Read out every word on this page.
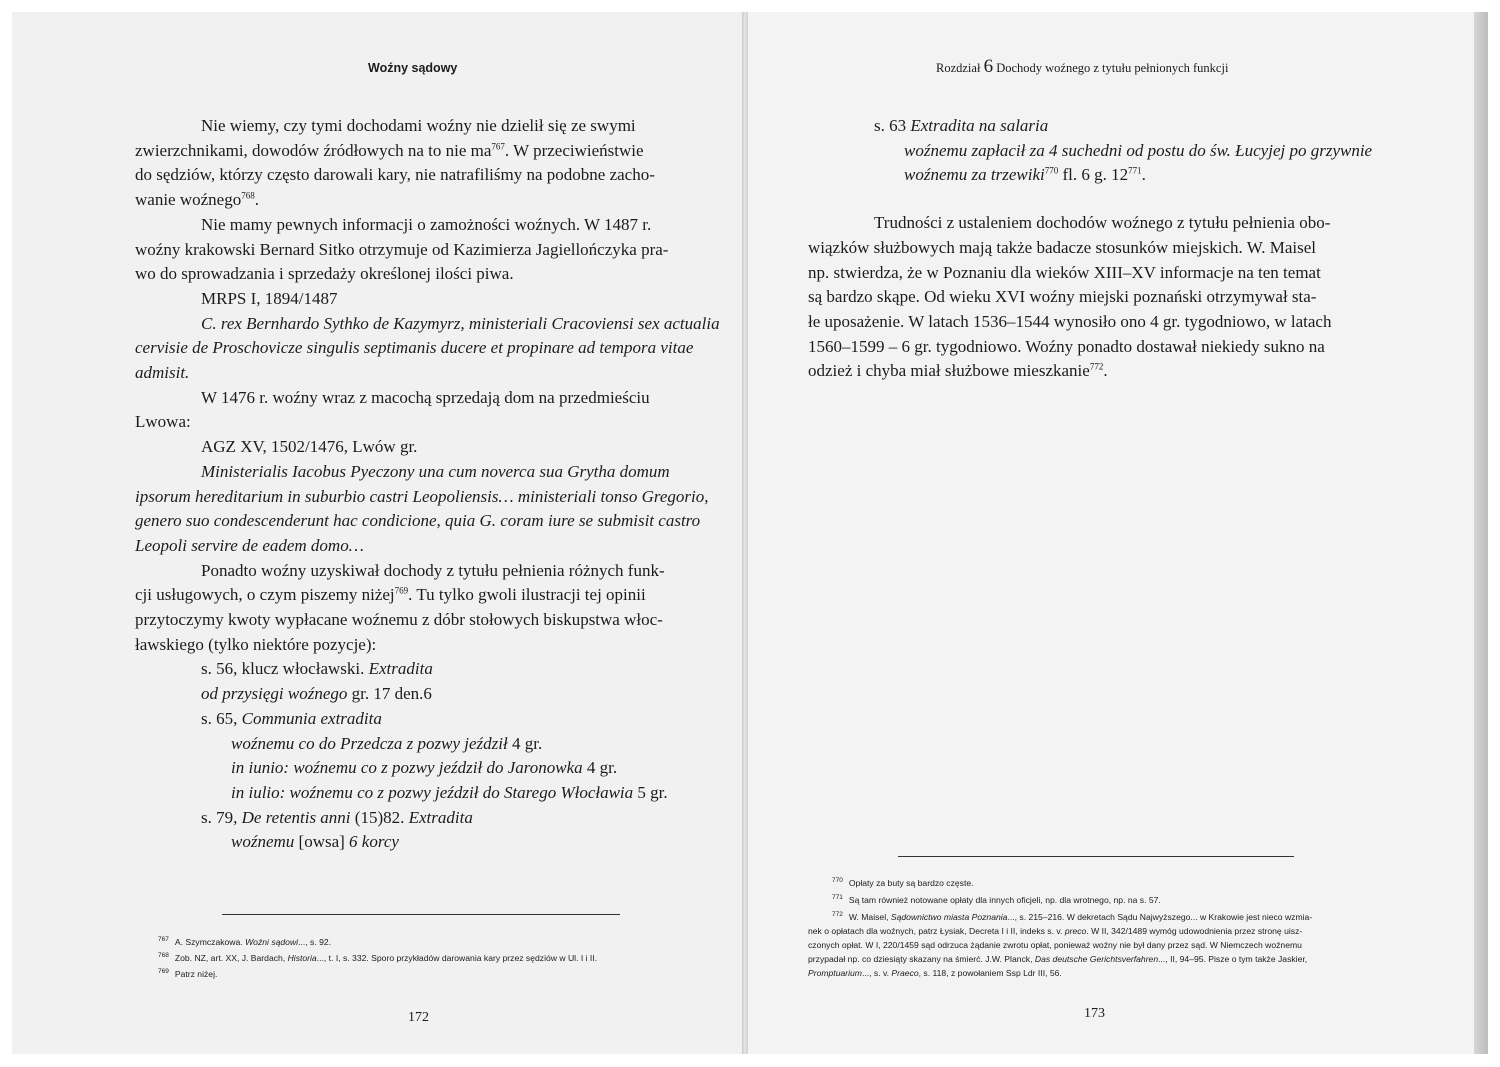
Woźny sądowy
Nie wiemy, czy tymi dochodami woźny nie dzielił się ze swymi
zwierzchnikami, dowodów źródłowych na to nie $ma^{767}$. W przeciwieństwie
do sędziów, którzy często darowali kary, nie natrafiliśmy na podobne zacho-
wanie woźnego$^{768}$.
Nie mamy pewnych informacji o zamożności woźnych. W 1487 r.
woźny krakowski Bernard Sitko otrzymuje od Kazimierza Jagiellończyka pra-
wo do sprowadzania i sprzedaży określonej ilości piwa.
MRPS I, 1894/1487
C. rex Bernhardo Sythko de Kazymyrz, ministeriali Cracoviensi sex actualia
cervisie de Proschovicze singulis septimanis ducere et propinare ad tempora vitae
admisit.
W 1476 r. woźny wraz z macochą sprzedają dom na przedmieściu
Lwowa:
AGZ XV, 1502/1476, Lwów gr.
Ministerialis Iacobus Pyeczony una cum noverca sua Grytha domum
ipsorum hereditarium in suburbio castri Leopoliensis… ministeriali tonso Gregorio,
genero suo condescenderunt hac condicione, quia G. coram iure se submisit castro
Leopoli servire de eadem domo…
Ponadto woźny uzyskiwał dochody z tytułu pełnienia różnych funk-
cji usługowych, o czym piszemy niżej$^{769}$. Tu tylko gwoli ilustracji tej opinii
przytoczymy kwoty wypłacane woźnemu z dóbr stołowych biskupstwa włoc-
ławskiego (tylko niektóre pozycje):
s. 56, klucz włocławski. Extradita
od przysięgi woźnego gr. 17 den.6
s. 65, Communia extradita
woźnemu co do Przedcza z pozwy jeździł 4 gr.
in iunio: woźnemu co z pozwy jeździł do Jaronowka 4 gr.
in iulio: woźnemu co z pozwy jeździł do Starego Włocławia 5 gr.
s. 79, De retentis anni (15)82. Extradita
woźnemu [owsa] 6 korcy
$^{767}$ A. Szymczakowa. Woźni sądowi..., s. 92.
$^{768}$ Zob. NZ, art. XX, J. Bardach, Historia..., t. I, s. 332. Sporo przykładów darowania kary przez sędziów w Ul. I i II.
$^{769}$ Patrz niżej.
172
Rozdział 6 Dochody woźnego z tytułu pełnionych funkcji
s. 63 Extradita na salaria
woźnemu zapłacił za 4 suchedni od postu do św. Łucyjej po grzywnie
woźnemu za trzewiki$^{770}$ fl. 6 g. $12^{771}$.
Trudności z ustaleniem dochodów woźnego z tytułu pełnienia obo-
wiązków służbowych mają także badacze stosunków miejskich. W. Maisel
np. stwierdza, że w Poznaniu dla wieków XIII–XV informacje na ten temat
są bardzo skąpe. Od wieku XVI woźny miejski poznański otrzymywał sta-
łe uposażenie. W latach 1536–1544 wynosiło ono 4 gr. tygodniowo, w latach
1560–1599 – 6 gr. tygodniowo. Woźny ponadto dostawał niekiedy sukno na
odzież i chyba miał służbowe mieszkanie$^{772}$.
$^{770}$ Opłaty za buty są bardzo częste.
$^{771}$ Są tam również notowane opłaty dla innych oficjeli, np. dla wrotnego, np. na s. 57.
$^{772}$ W. Maisel, Sądownictwo miasta Poznania..., s. 215–216. W dekretach Sądu Najwyższego... w Krakowie jest nieco wzmia-
nek o opłatach dla woźnych, patrz Łysiak, Decreta I i II, indeks s. v. preco. W II, 342/1489 wymóg udowodnienia przez stronę uisz-
czonych opłat. W I, 220/1459 sąd odrzuca żądanie zwrotu opłat, ponieważ woźny nie był dany przez sąd. W Niemczech woźnemu
przypadał np. co dziesiąty skazany na śmierć. J.W. Planck, Das deutsche Gerichtsverfahren..., II, 94–95. Pisze o tym także Jaskier,
Promptuarium..., s. v. Praeco, s. 118, z powołaniem Ssp Ldr III, 56.
173
